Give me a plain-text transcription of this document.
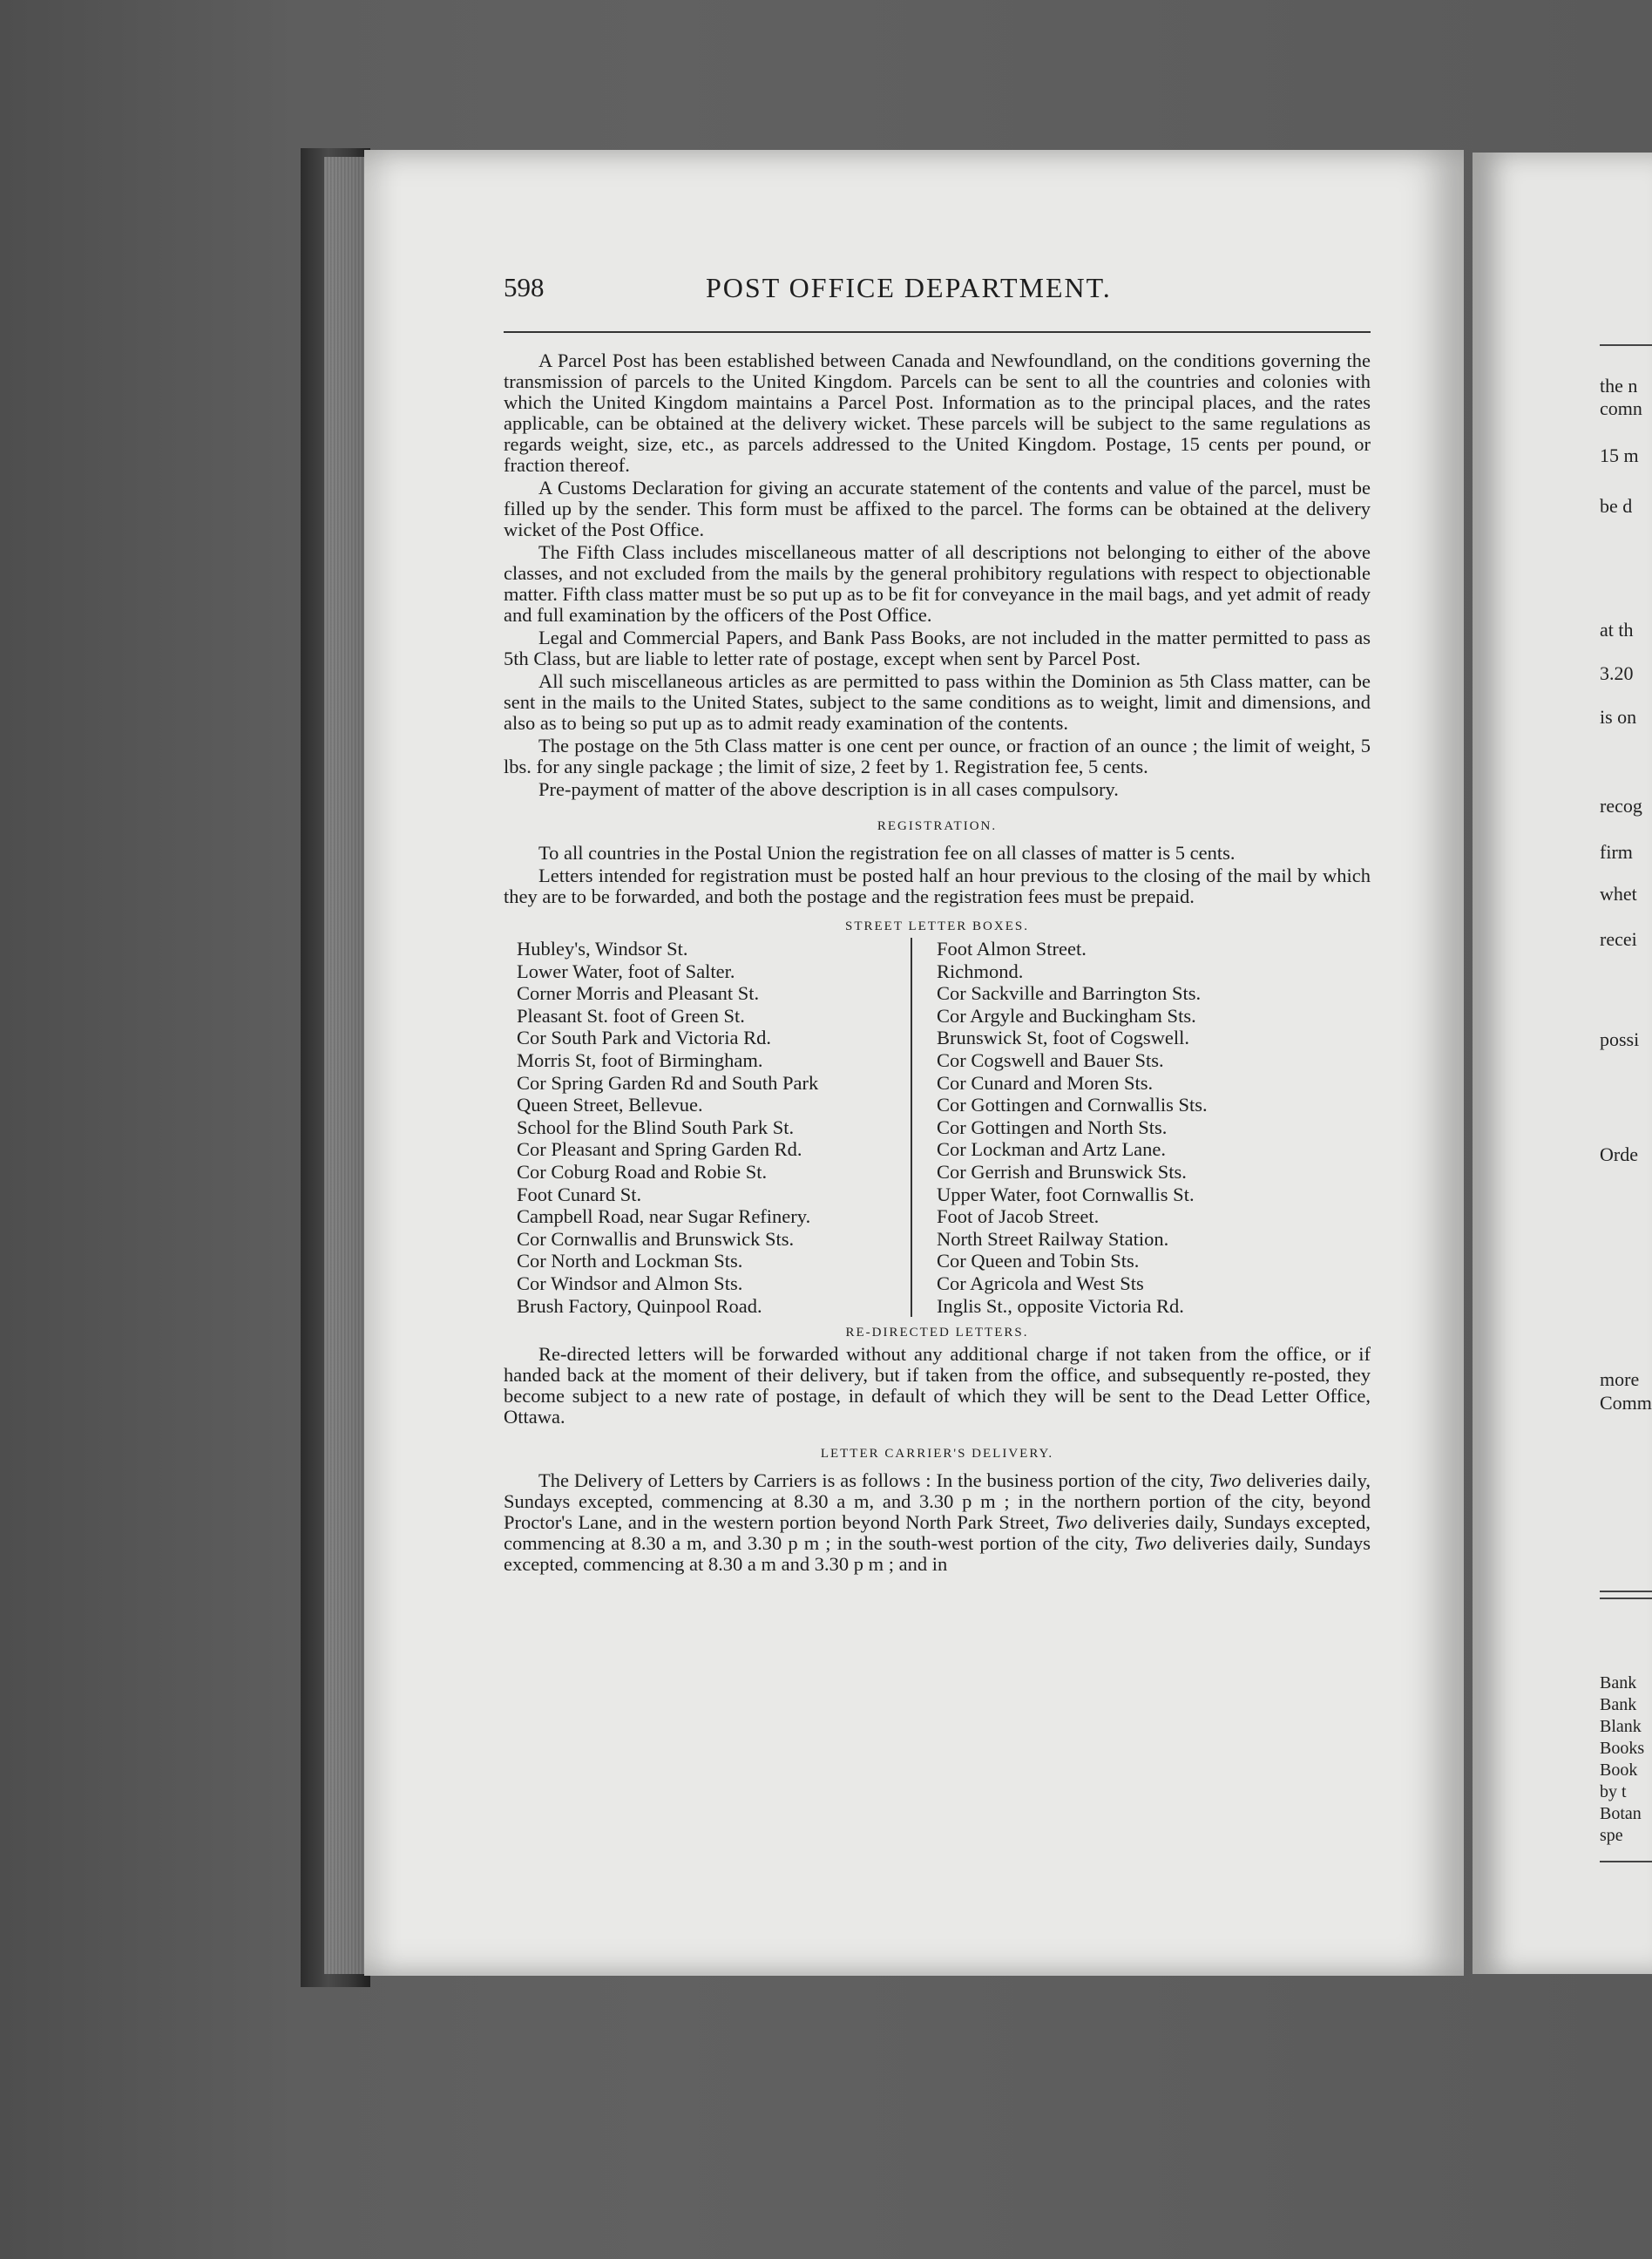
the n
comn
15 m
be d
at th
3.20
is on
recog
firm
whet
recei
possi
Orde
more
Comm
Bank
Bank
Blank
Books
Book
by t
Botan
spe
598	POST OFFICE DEPARTMENT.

A Parcel Post has been established between Canada and Newfoundland, on the conditions governing the transmission of parcels to the United Kingdom. Parcels can be sent to all the countries and colonies with which the United Kingdom maintains a Parcel Post. Information as to the principal places, and the rates applicable, can be obtained at the delivery wicket. These parcels will be subject to the same regulations as regards weight, size, etc., as parcels addressed to the United Kingdom. Postage, 15 cents per pound, or fraction thereof.

A Customs Declaration for giving an accurate statement of the contents and value of the parcel, must be filled up by the sender. This form must be affixed to the parcel. The forms can be obtained at the delivery wicket of the Post Office.

The Fifth Class includes miscellaneous matter of all descriptions not belonging to either of the above classes, and not excluded from the mails by the general prohibitory regulations with respect to objectionable matter. Fifth class matter must be so put up as to be fit for conveyance in the mail bags, and yet admit of ready and full examination by the officers of the Post Office.

Legal and Commercial Papers, and Bank Pass Books, are not included in the matter permitted to pass as 5th Class, but are liable to letter rate of postage, except when sent by Parcel Post.

All such miscellaneous articles as are permitted to pass within the Dominion as 5th Class matter, can be sent in the mails to the United States, subject to the same conditions as to weight, limit and dimensions, and also as to being so put up as to admit ready examination of the contents.

The postage on the 5th Class matter is one cent per ounce, or fraction of an ounce ; the limit of weight, 5 lbs. for any single package ; the limit of size, 2 feet by 1. Registration fee, 5 cents.

Pre-payment of matter of the above description is in all cases compulsory.

REGISTRATION.

To all countries in the Postal Union the registration fee on all classes of matter is 5 cents.

Letters intended for registration must be posted half an hour previous to the closing of the mail by which they are to be forwarded, and both the postage and the registration fees must be prepaid.

STREET LETTER BOXES.
Hubley's, Windsor St.
Lower Water, foot of Salter.
Corner Morris and Pleasant St.
Pleasant St. foot of Green St.
Cor South Park and Victoria Rd.
Morris St, foot of Birmingham.
Cor Spring Garden Rd and South Park
Queen Street, Bellevue.
School for the Blind South Park St.
Cor Pleasant and Spring Garden Rd.
Cor Coburg Road and Robie St.
Foot Cunard St.
Campbell Road, near Sugar Refinery.
Cor Cornwallis and Brunswick Sts.
Cor North and Lockman Sts.
Cor Windsor and Almon Sts.
Brush Factory, Quinpool Road.
Foot Almon Street.
Richmond.
Cor Sackville and Barrington Sts.
Cor Argyle and Buckingham Sts.
Brunswick St, foot of Cogswell.
Cor Cogswell and Bauer Sts.
Cor Cunard and Moren Sts.
Cor Gottingen and Cornwallis Sts.
Cor Gottingen and North Sts.
Cor Lockman and Artz Lane.
Cor Gerrish and Brunswick Sts.
Upper Water, foot Cornwallis St.
Foot of Jacob Street.
North Street Railway Station.
Cor Queen and Tobin Sts.
Cor Agricola and West Sts
Inglis St., opposite Victoria Rd.
RE-DIRECTED LETTERS.

Re-directed letters will be forwarded without any additional charge if not taken from the office, or if handed back at the moment of their delivery, but if taken from the office, and subsequently re-posted, they become subject to a new rate of postage, in default of which they will be sent to the Dead Letter Office, Ottawa.

LETTER CARRIER'S DELIVERY.

The Delivery of Letters by Carriers is as follows : In the business portion of the city, Two deliveries daily, Sundays excepted, commencing at 8.30 a m, and 3.30 p m ; in the northern portion of the city, beyond Proctor's Lane, and in the western portion beyond North Park Street, Two deliveries daily, Sundays excepted, commencing at 8.30 a m, and 3.30 p m ; in the south-west portion of the city, Two deliveries daily, Sundays excepted, commencing at 8.30 a m and 3.30 p m ; and in
